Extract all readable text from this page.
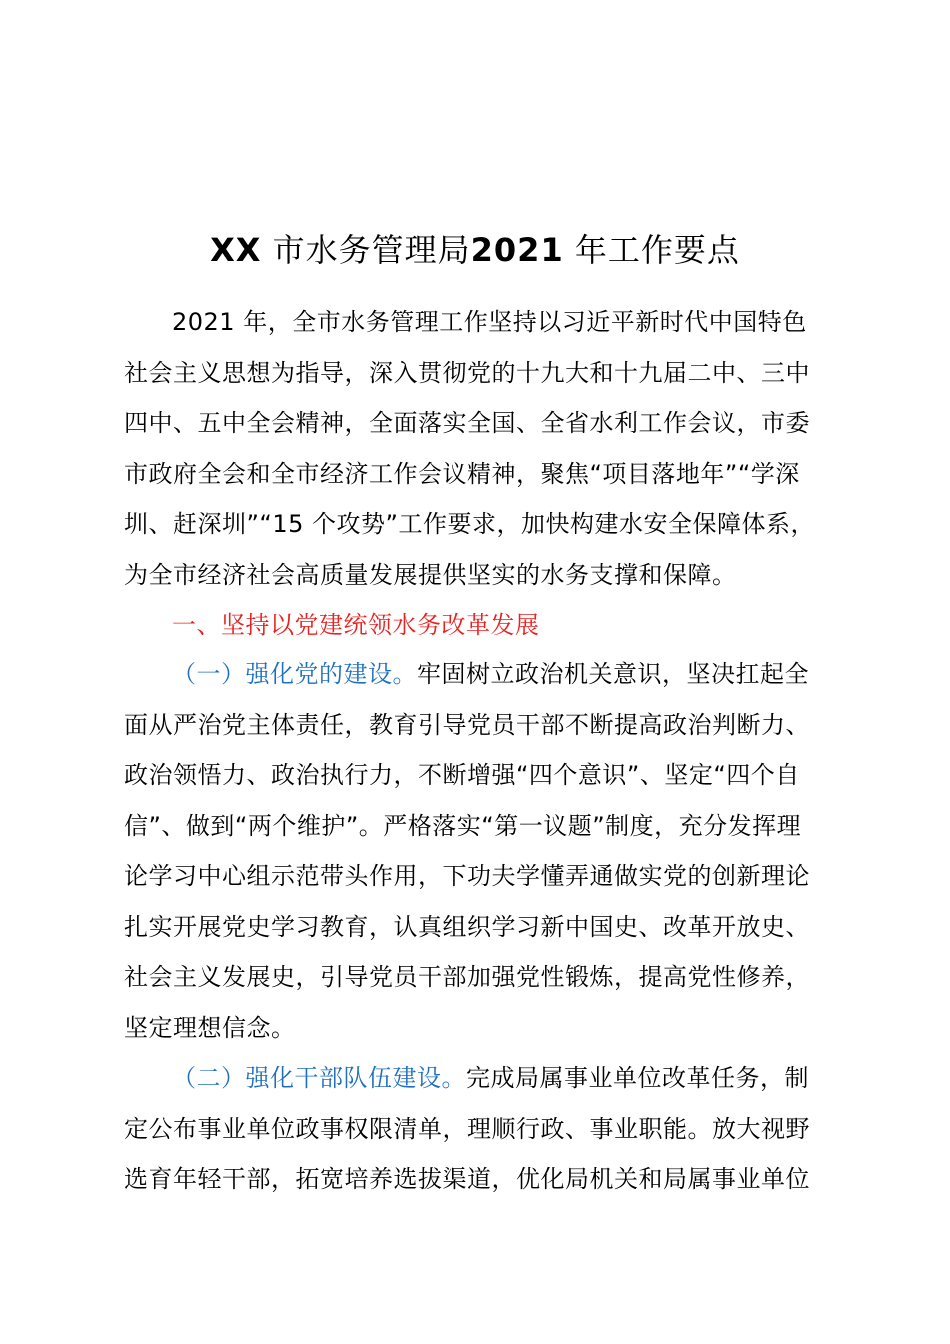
XX 市水务管理局2021 年工作要点
2021 年，全市水务管理工作坚持以习近平新时代中国特色
社会主义思想为指导，深入贯彻党的十九大和十九届二中、三中
四中、五中全会精神，全面落实全国、全省水利工作会议，市委
市政府全会和全市经济工作会议精神，聚焦“项目落地年”“学深
圳、赶深圳”“15 个攻势”工作要求，加快构建水安全保障体系，
为全市经济社会高质量发展提供坚实的水务支撑和保障。
一、坚持以党建统领水务改革发展
（一）强化党的建设。牢固树立政治机关意识，坚决扛起全
面从严治党主体责任，教育引导党员干部不断提高政治判断力、
政治领悟力、政治执行力，不断增强“四个意识”、坚定“四个自
信”、做到“两个维护”。严格落实“第一议题”制度，充分发挥理
论学习中心组示范带头作用，下功夫学懂弄通做实党的创新理论
扎实开展党史学习教育，认真组织学习新中国史、改革开放史、
社会主义发展史，引导党员干部加强党性锻炼，提高党性修养，
坚定理想信念。
（二）强化干部队伍建设。完成局属事业单位改革任务，制
定公布事业单位政事权限清单，理顺行政、事业职能。放大视野
选育年轻干部，拓宽培养选拔渠道，优化局机关和局属事业单位
